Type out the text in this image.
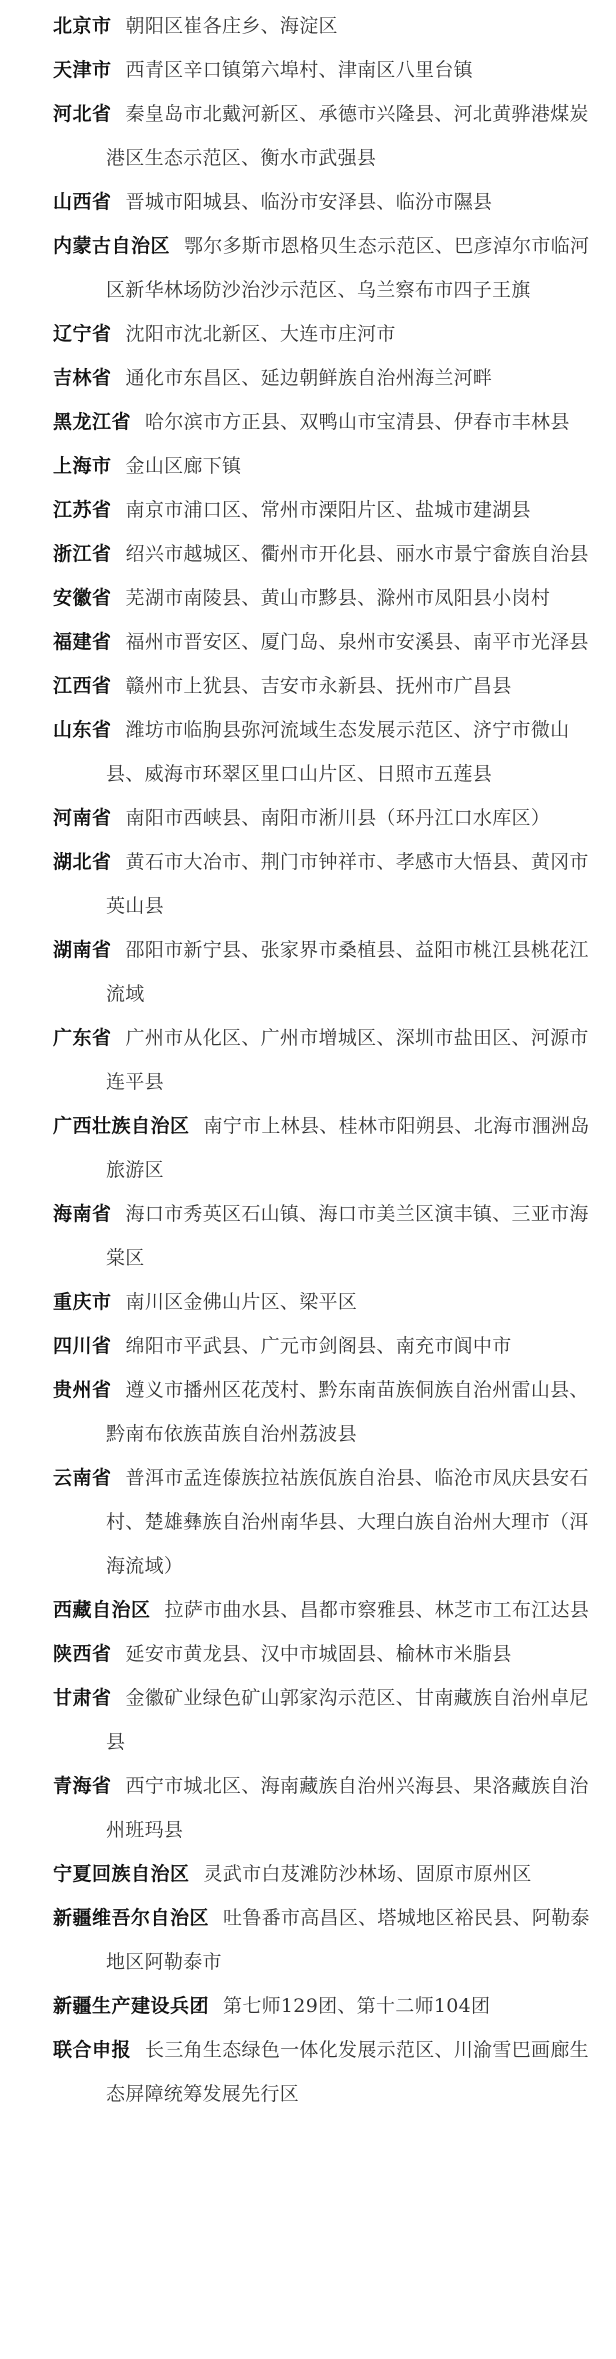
北京市 朝阳区崔各庄乡、海淀区

天津市 西青区辛口镇第六埠村、津南区八里台镇

河北省 秦皇岛市北戴河新区、承德市兴隆县、河北黄骅港煤炭港区生态示范区、衡水市武强县

山西省 晋城市阳城县、临汾市安泽县、临汾市隰县

内蒙古自治区 鄂尔多斯市恩格贝生态示范区、巴彦淖尔市临河区新华林场防沙治沙示范区、乌兰察布市四子王旗

辽宁省 沈阳市沈北新区、大连市庄河市

吉林省 通化市东昌区、延边朝鲜族自治州海兰河畔

黑龙江省 哈尔滨市方正县、双鸭山市宝清县、伊春市丰林县

上海市 金山区廊下镇

江苏省 南京市浦口区、常州市溧阳片区、盐城市建湖县

浙江省 绍兴市越城区、衢州市开化县、丽水市景宁畲族自治县

安徽省 芜湖市南陵县、黄山市黟县、滁州市凤阳县小岗村

福建省 福州市晋安区、厦门岛、泉州市安溪县、南平市光泽县

江西省 赣州市上犹县、吉安市永新县、抚州市广昌县

山东省 潍坊市临朐县弥河流域生态发展示范区、济宁市微山县、威海市环翠区里口山片区、日照市五莲县

河南省 南阳市西峡县、南阳市淅川县（环丹江口水库区）

湖北省 黄石市大冶市、荆门市钟祥市、孝感市大悟县、黄冈市英山县

湖南省 邵阳市新宁县、张家界市桑植县、益阳市桃江县桃花江流域

广东省 广州市从化区、广州市增城区、深圳市盐田区、河源市连平县

广西壮族自治区 南宁市上林县、桂林市阳朔县、北海市涠洲岛旅游区

海南省 海口市秀英区石山镇、海口市美兰区演丰镇、三亚市海棠区

重庆市 南川区金佛山片区、梁平区

四川省 绵阳市平武县、广元市剑阁县、南充市阆中市

贵州省 遵义市播州区花茂村、黔东南苗族侗族自治州雷山县、黔南布依族苗族自治州荔波县

云南省 普洱市孟连傣族拉祜族佤族自治县、临沧市凤庆县安石村、楚雄彝族自治州南华县、大理白族自治州大理市（洱海流域）

西藏自治区 拉萨市曲水县、昌都市察雅县、林芝市工布江达县

陕西省 延安市黄龙县、汉中市城固县、榆林市米脂县

甘肃省 金徽矿业绿色矿山郭家沟示范区、甘南藏族自治州卓尼县

青海省 西宁市城北区、海南藏族自治州兴海县、果洛藏族自治州班玛县

宁夏回族自治区 灵武市白芨滩防沙林场、固原市原州区

新疆维吾尔自治区 吐鲁番市高昌区、塔城地区裕民县、阿勒泰地区阿勒泰市

新疆生产建设兵团 第七师129团、第十二师104团

联合申报 长三角生态绿色一体化发展示范区、川渝雪巴画廊生态屏障统筹发展先行区
